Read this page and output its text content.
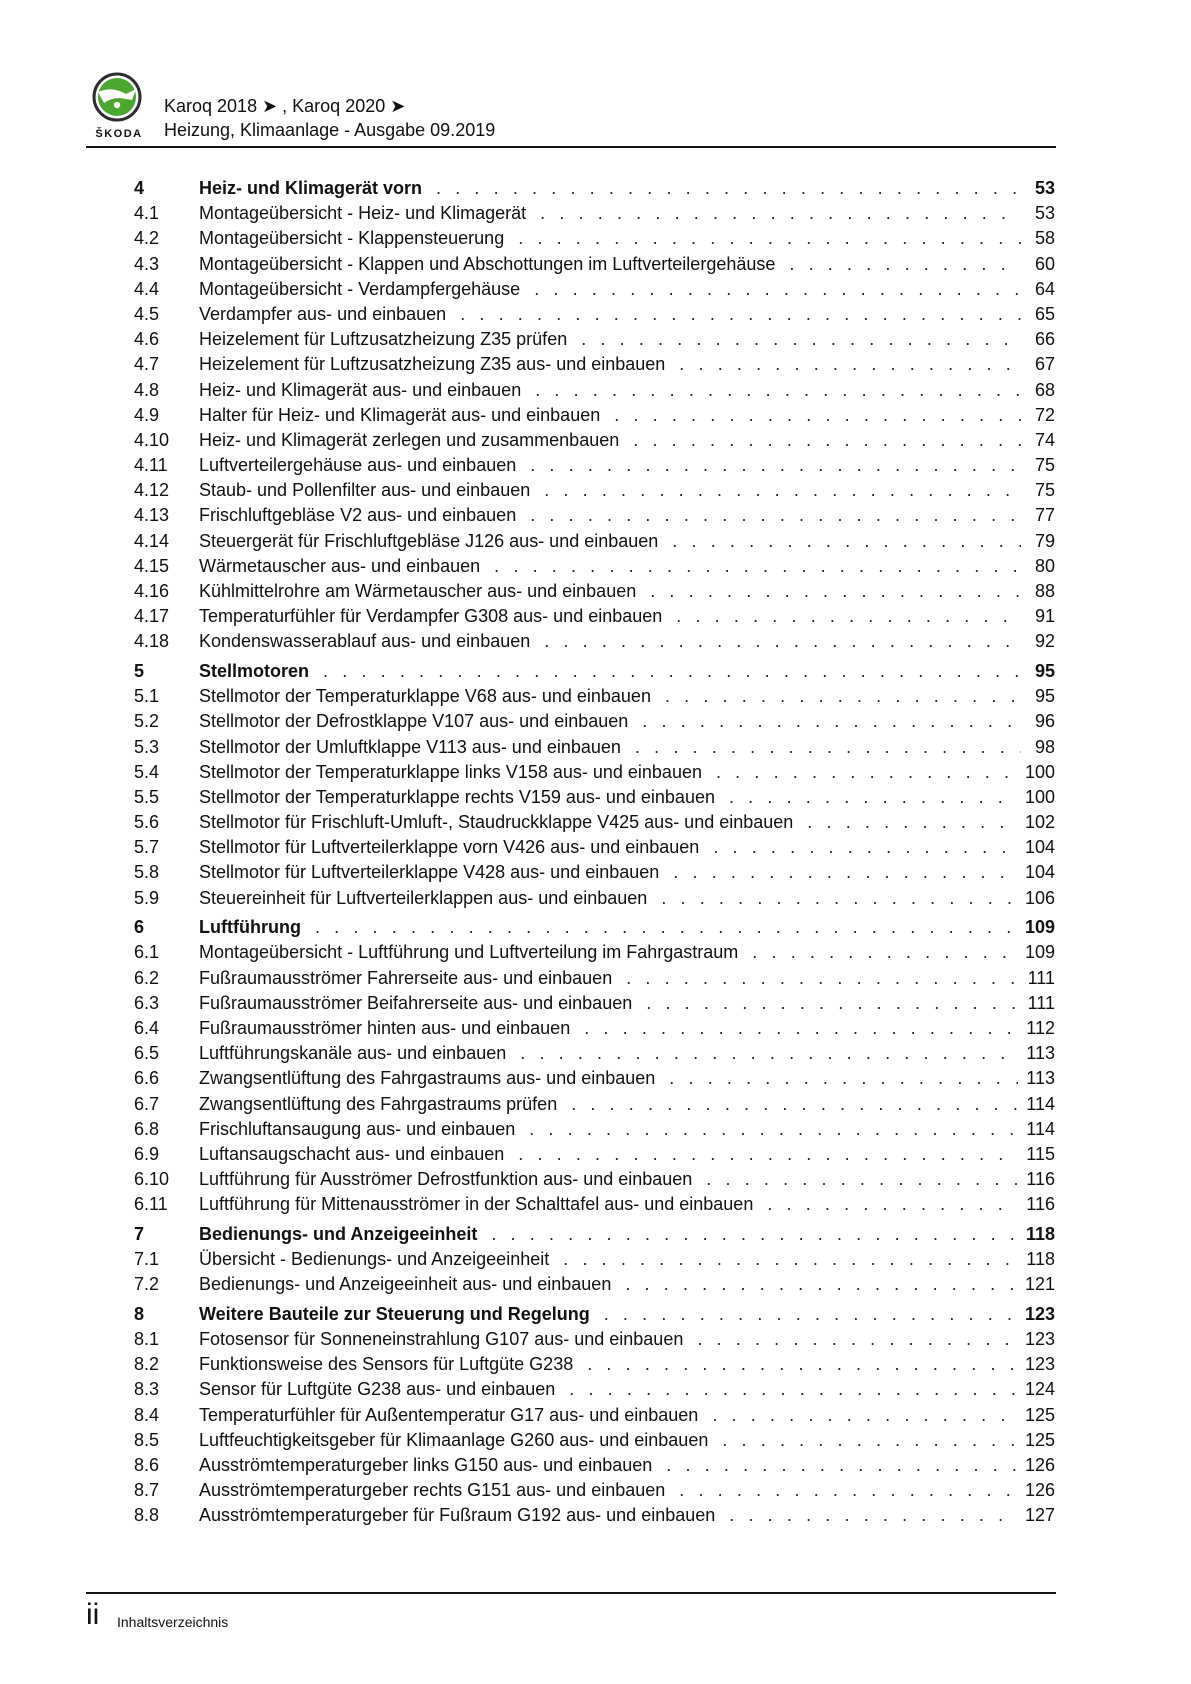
ŠKODA
Karoq 2018 ➤ , Karoq 2020 ➤
Heizung, Klimaanlage - Ausgabe 09.2019
4	Heiz- und Klimagerät vorn . . .	53
4.1	Montageübersicht - Heiz- und Klimagerät . . .	53
4.2	Montageübersicht - Klappensteuerung . . .	58
4.3	Montageübersicht - Klappen und Abschottungen im Luftverteilergehäuse . . .	60
4.4	Montageübersicht - Verdampfergehäuse . . .	64
4.5	Verdampfer aus- und einbauen . . .	65
4.6	Heizelement für Luftzusatzheizung Z35 prüfen . . .	66
4.7	Heizelement für Luftzusatzheizung Z35 aus- und einbauen . . .	67
4.8	Heiz- und Klimagerät aus- und einbauen . . .	68
4.9	Halter für Heiz- und Klimagerät aus- und einbauen . . .	72
4.10	Heiz- und Klimagerät zerlegen und zusammenbauen . . .	74
4.11	Luftverteilergehäuse aus- und einbauen . . .	75
4.12	Staub- und Pollenfilter aus- und einbauen . . .	75
4.13	Frischluftgebläse V2 aus- und einbauen . . .	77
4.14	Steuergerät für Frischluftgebläse J126 aus- und einbauen . . .	79
4.15	Wärmetauscher aus- und einbauen . . .	80
4.16	Kühlmittelrohre am Wärmetauscher aus- und einbauen . . .	88
4.17	Temperaturfühler für Verdampfer G308 aus- und einbauen . . .	91
4.18	Kondenswasserablauf aus- und einbauen . . .	92
5	Stellmotoren . . .	95
5.1	Stellmotor der Temperaturklappe V68 aus- und einbauen . . .	95
5.2	Stellmotor der Defrostklappe V107 aus- und einbauen . . .	96
5.3	Stellmotor der Umluftklappe V113 aus- und einbauen . . .	98
5.4	Stellmotor der Temperaturklappe links V158 aus- und einbauen . . .	100
5.5	Stellmotor der Temperaturklappe rechts V159 aus- und einbauen . . .	100
5.6	Stellmotor für Frischluft-Umluft-, Staudruckklappe V425 aus- und einbauen . . .	102
5.7	Stellmotor für Luftverteilerklappe vorn V426 aus- und einbauen . . .	104
5.8	Stellmotor für Luftverteilerklappe V428 aus- und einbauen . . .	104
5.9	Steuereinheit für Luftverteilerklappen aus- und einbauen . . .	106
6	Luftführung . . .	109
6.1	Montageübersicht - Luftführung und Luftverteilung im Fahrgastraum . . .	109
6.2	Fußraumausströmer Fahrerseite aus- und einbauen . . .	111
6.3	Fußraumausströmer Beifahrerseite aus- und einbauen . . .	111
6.4	Fußraumausströmer hinten aus- und einbauen . . .	112
6.5	Luftführungskanäle aus- und einbauen . . .	113
6.6	Zwangsentlüftung des Fahrgastraums aus- und einbauen . . .	113
6.7	Zwangsentlüftung des Fahrgastraums prüfen . . .	114
6.8	Frischluftansaugung aus- und einbauen . . .	114
6.9	Luftansaugschacht aus- und einbauen . . .	115
6.10	Luftführung für Ausströmer Defrostfunktion aus- und einbauen . . .	116
6.11	Luftführung für Mittenausströmer in der Schalttafel aus- und einbauen . . .	116
7	Bedienungs- und Anzeigeeinheit . . .	118
7.1	Übersicht - Bedienungs- und Anzeigeeinheit . . .	118
7.2	Bedienungs- und Anzeigeeinheit aus- und einbauen . . .	121
8	Weitere Bauteile zur Steuerung und Regelung . . .	123
8.1	Fotosensor für Sonneneinstrahlung G107 aus- und einbauen . . .	123
8.2	Funktionsweise des Sensors für Luftgüte G238 . . .	123
8.3	Sensor für Luftgüte G238 aus- und einbauen . . .	124
8.4	Temperaturfühler für Außentemperatur G17 aus- und einbauen . . .	125
8.5	Luftfeuchtigkeitsgeber für Klimaanlage G260 aus- und einbauen . . .	125
8.6	Ausströmtemperaturgeber links G150 aus- und einbauen . . .	126
8.7	Ausströmtemperaturgeber rechts G151 aus- und einbauen . . .	126
8.8	Ausströmtemperaturgeber für Fußraum G192 aus- und einbauen . . .	127
ii Inhaltsverzeichnis
